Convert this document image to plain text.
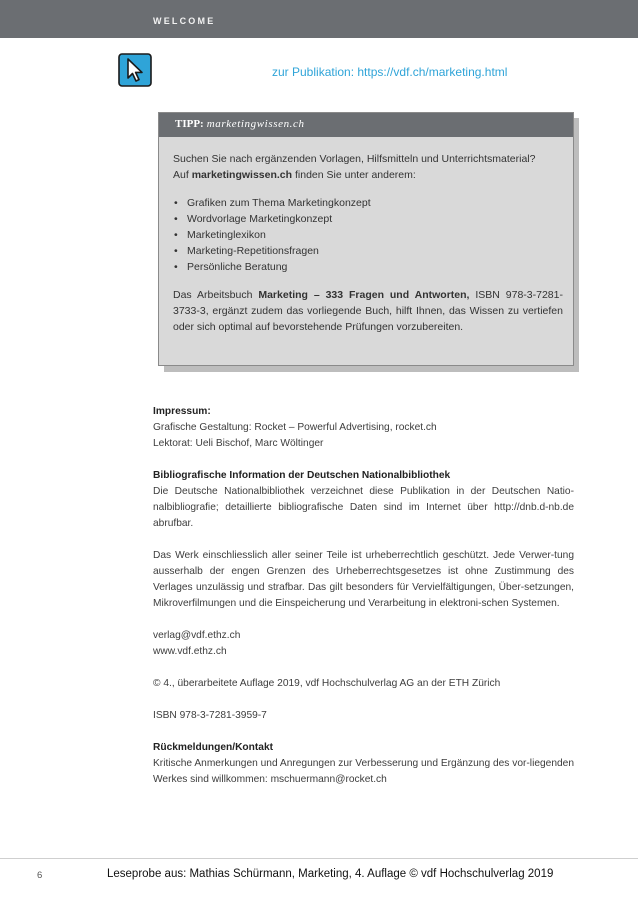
WELCOME
zur Publikation: https://vdf.ch/marketing.html
TIPP: marketingwissen.ch

Suchen Sie nach ergänzenden Vorlagen, Hilfsmitteln und Unterrichtsmaterial?

Auf marketingwissen.ch finden Sie unter anderem:

• Grafiken zum Thema Marketingkonzept
• Wordvorlage Marketingkonzept
• Marketinglexikon
• Marketing-Repetitionsfragen
• Persönliche Beratung

Das Arbeitsbuch Marketing – 333 Fragen und Antworten, ISBN 978-3-7281-3733-3, ergänzt zudem das vorliegende Buch, hilft Ihnen, das Wissen zu vertiefen oder sich optimal auf bevorstehende Prüfungen vorzubereiten.

Impressum:

Grafische Gestaltung: Rocket – Powerful Advertising, rocket.ch

Lektorat: Ueli Bischof, Marc Wöltinger

Bibliografische Information der Deutschen Nationalbibliothek

Die Deutsche Nationalbibliothek verzeichnet diese Publikation in der Deutschen Natio-nalbibliografie; detaillierte bibliografische Daten sind im Internet über http://dnb.d-nb.de abrufbar.

Das Werk einschliesslich aller seiner Teile ist urheberrechtlich geschützt. Jede Verwer-tung ausserhalb der engen Grenzen des Urheberrechtsgesetzes ist ohne Zustimmung des Verlages unzulässig und strafbar. Das gilt besonders für Vervielfältigungen, Über-setzungen, Mikroverfilmungen und die Einspeicherung und Verarbeitung in elektroni-schen Systemen.

verlag@vdf.ethz.ch

www.vdf.ethz.ch

© 4., überarbeitete Auflage 2019, vdf Hochschulverlag AG an der ETH Zürich

ISBN 978-3-7281-3959-7

Rückmeldungen/Kontakt

Kritische Anmerkungen und Anregungen zur Verbesserung und Ergänzung des vor-liegenden Werkes sind willkommen: mschuermann@rocket.ch

6	Leseprobe aus: Mathias Schürmann, Marketing, 4. Auflage © vdf Hochschulverlag 2019
